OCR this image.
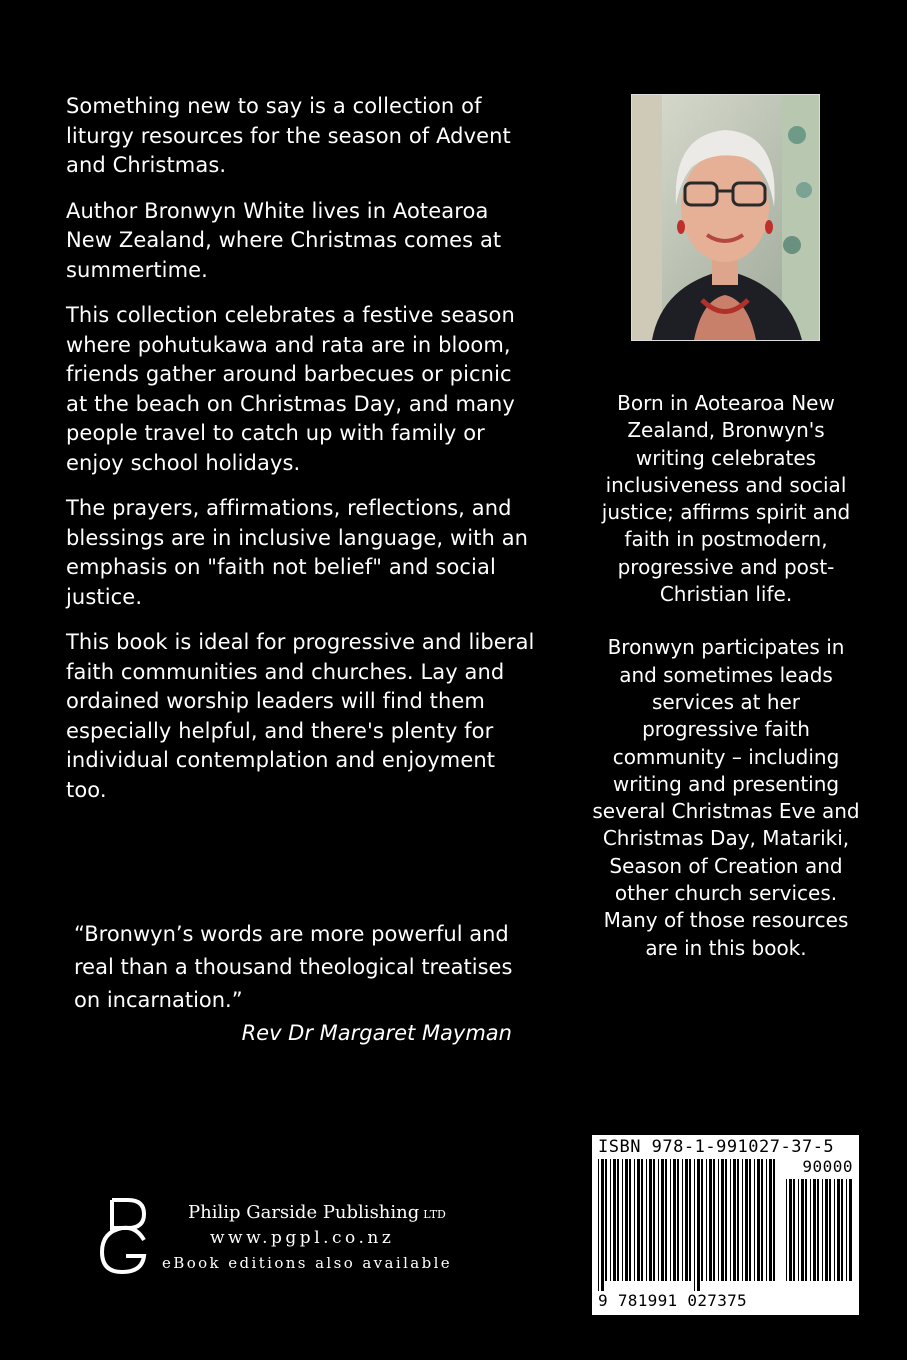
Something new to say is a collection of liturgy resources for the season of Advent and Christmas.

Author Bronwyn White lives in Aotearoa New Zealand, where Christmas comes at summertime.

This collection celebrates a festive season where pohutukawa and rata are in bloom, friends gather around barbecues or picnic at the beach on Christmas Day, and many people travel to catch up with family or enjoy school holidays.

The prayers, affirmations, reflections, and blessings are in inclusive language, with an emphasis on "faith not belief" and social justice.

This book is ideal for progressive and liberal faith communities and churches. Lay and ordained worship leaders will find them especially helpful, and there's plenty for individual contemplation and enjoyment too.

“Bronwyn’s words are more powerful and real than a thousand theological treatises on incarnation.”

Rev Dr Margaret Mayman

Born in Aotearoa New Zealand, Bronwyn's writing celebrates inclusiveness and social justice; affirms spirit and faith in postmodern, progressive and post-Christian life.

Bronwyn participates in and sometimes leads services at her progressive faith community – including writing and presenting several Christmas Eve and Christmas Day, Matariki, Season of Creation and other church services. Many of those resources are in this book.

ISBN 978-1-991027-37-5
90000
9 781991 027375
Philip Garside Publishing LTD
www.pgpl.co.nz
eBook editions also available
